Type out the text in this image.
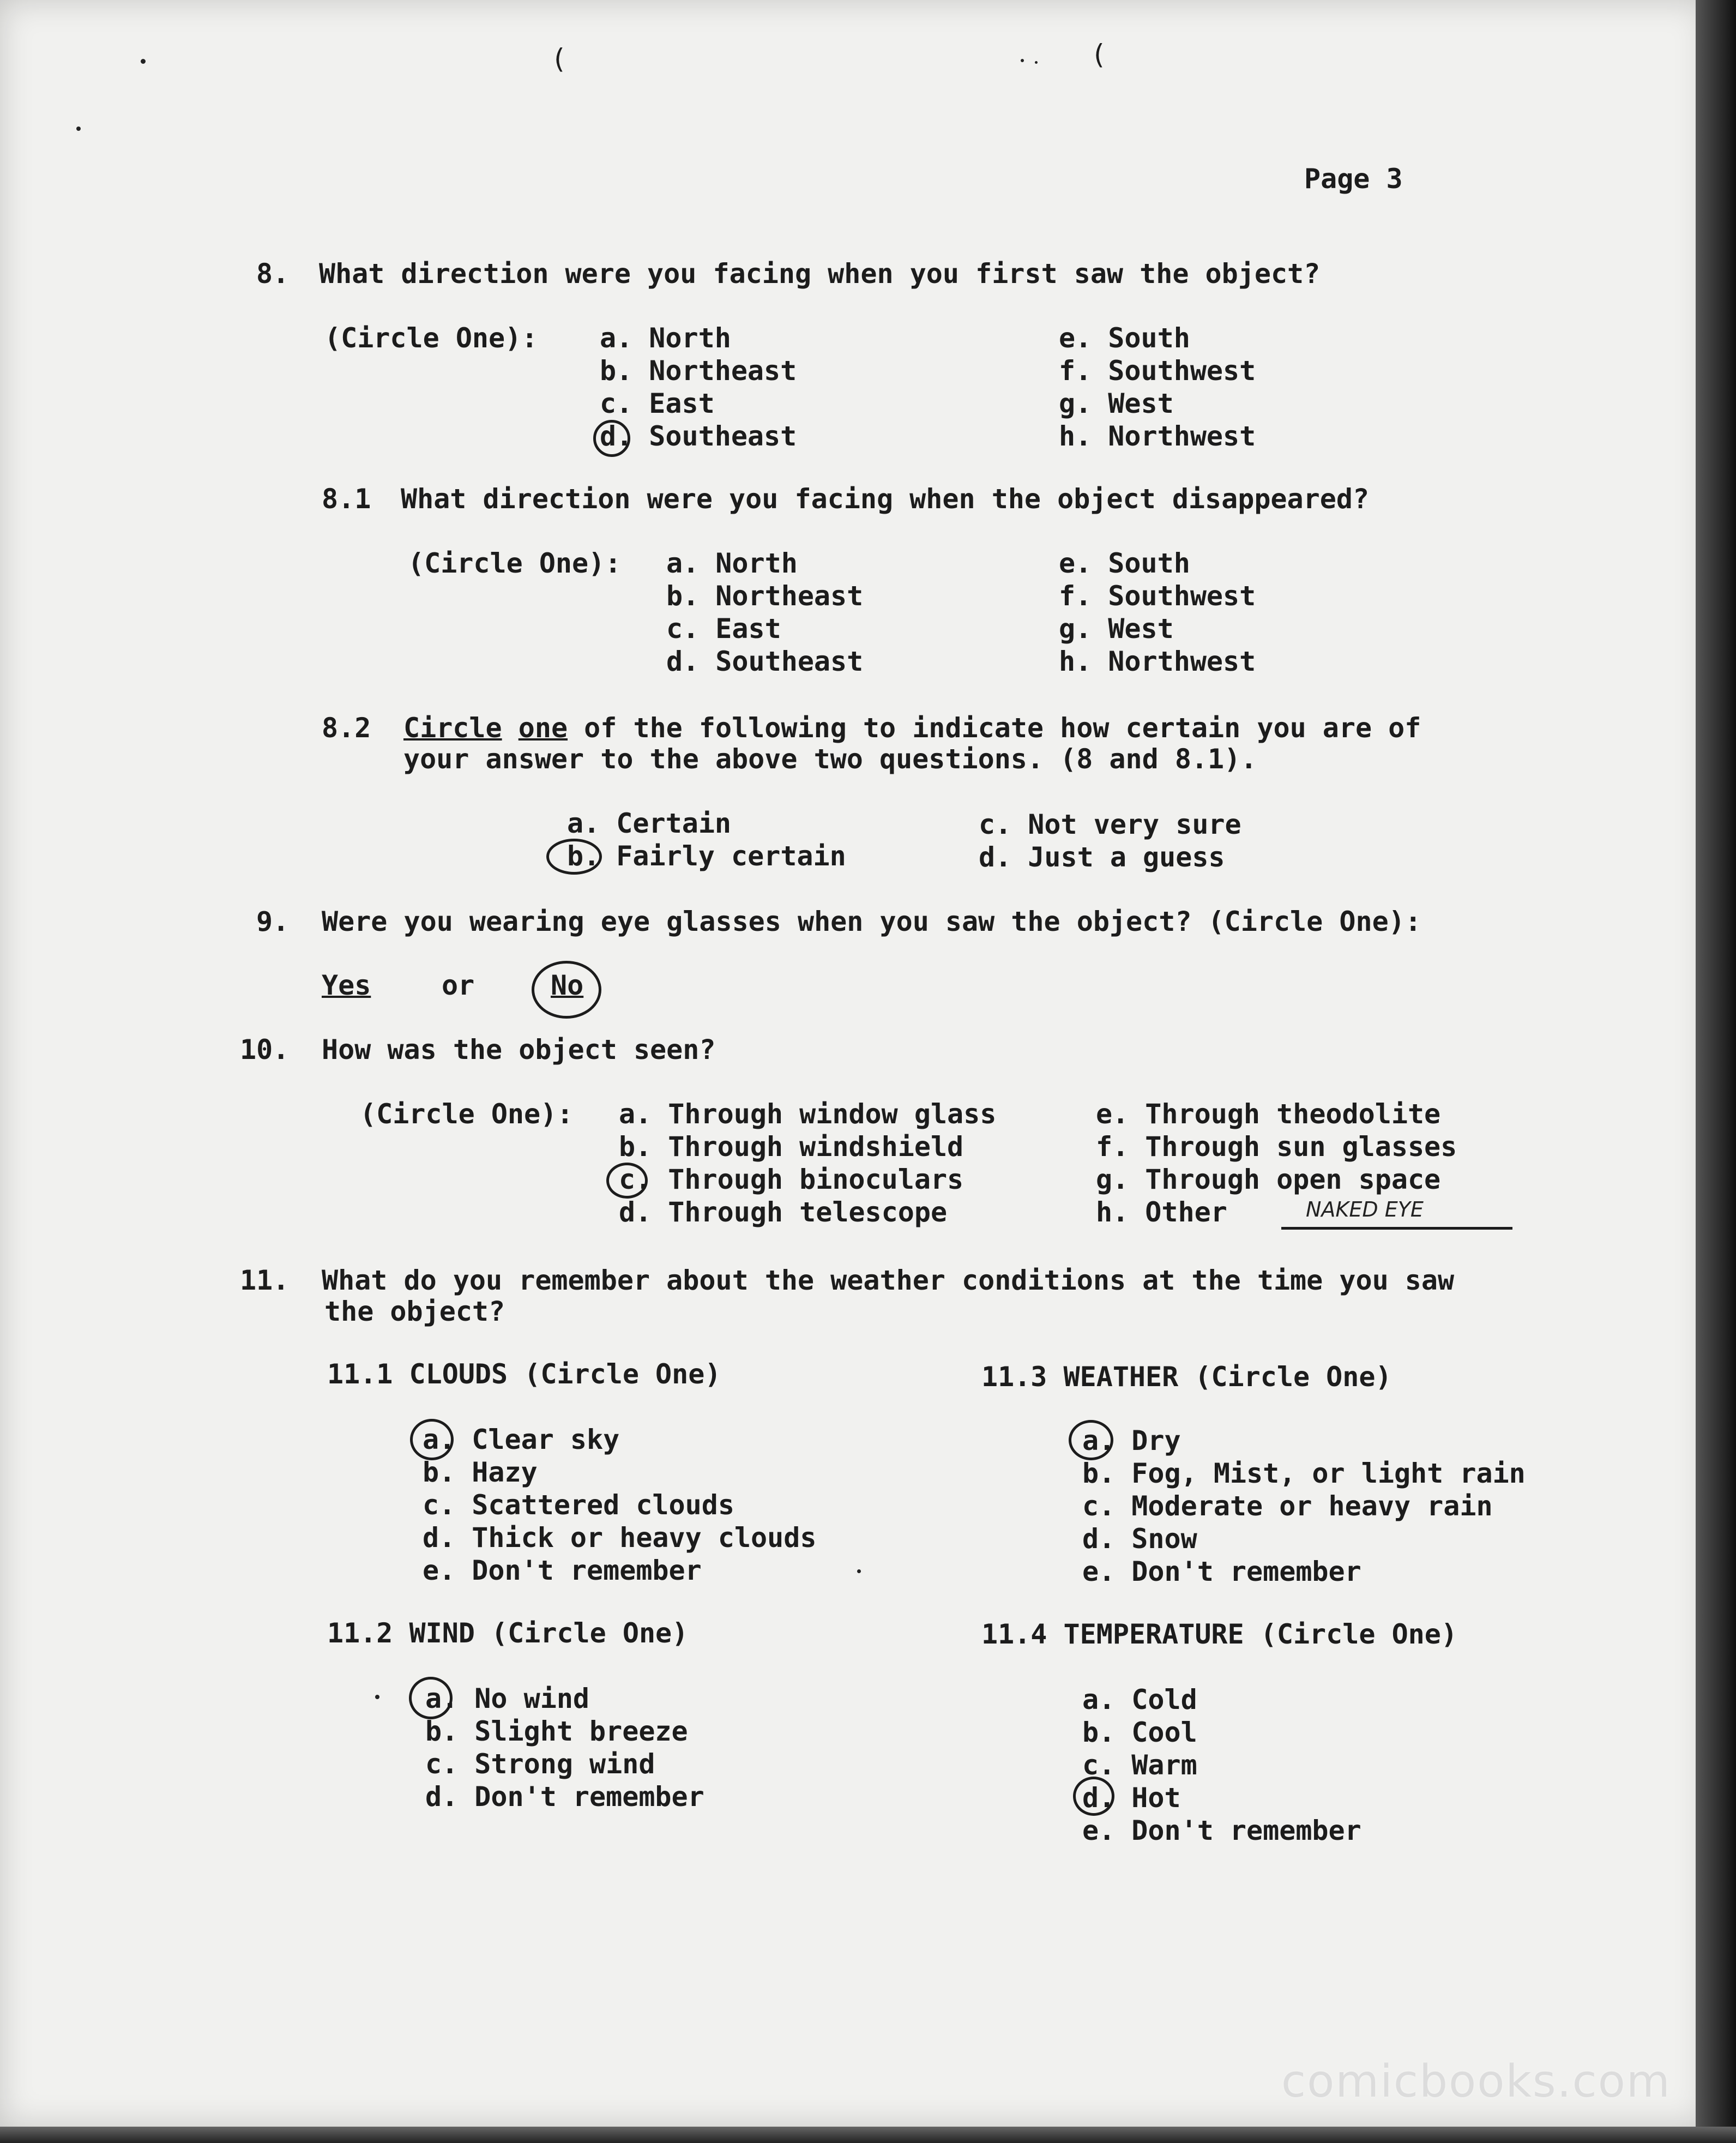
(	(
Page 3
8. What direction were you facing when you first saw the object?
(Circle One): a. North
b. Northeast
c. East
d. Southeast
e. South
f. Southwest
g. West
h. Northwest
8.1 What direction were you facing when the object disappeared?
(Circle One): a. North
b. Northeast
c. East
d. Southeast
e. South
f. Southwest
g. West
h. Northwest
8.2 Circle one of the following to indicate how certain you are of
your answer to the above two questions. (8 and 8.1).
a. Certain
b. Fairly certain
c. Not very sure
d. Just a guess
9. Were you wearing eye glasses when you saw the object? (Circle One):
Yes	or	No
10. How was the object seen?
(Circle One): a. Through window glass
b. Through windshield
c. Through binoculars
d. Through telescope
e. Through theodolite
f. Through sun glasses
g. Through open space
h. Other	NAKED EYE
11. What do you remember about the weather conditions at the time you saw
the object?
11.1 CLOUDS (Circle One)
a. Clear sky
b. Hazy
c. Scattered clouds
d. Thick or heavy clouds
e. Don't remember
11.2 WIND (Circle One)
a. No wind
b. Slight breeze
c. Strong wind
d. Don't remember
11.3 WEATHER (Circle One)
a. Dry
b. Fog, Mist, or light rain
c. Moderate or heavy rain
d. Snow
e. Don't remember
11.4 TEMPERATURE (Circle One)
a. Cold
b. Cool
c. Warm
d. Hot
e. Don't remember
comicbooks.com
